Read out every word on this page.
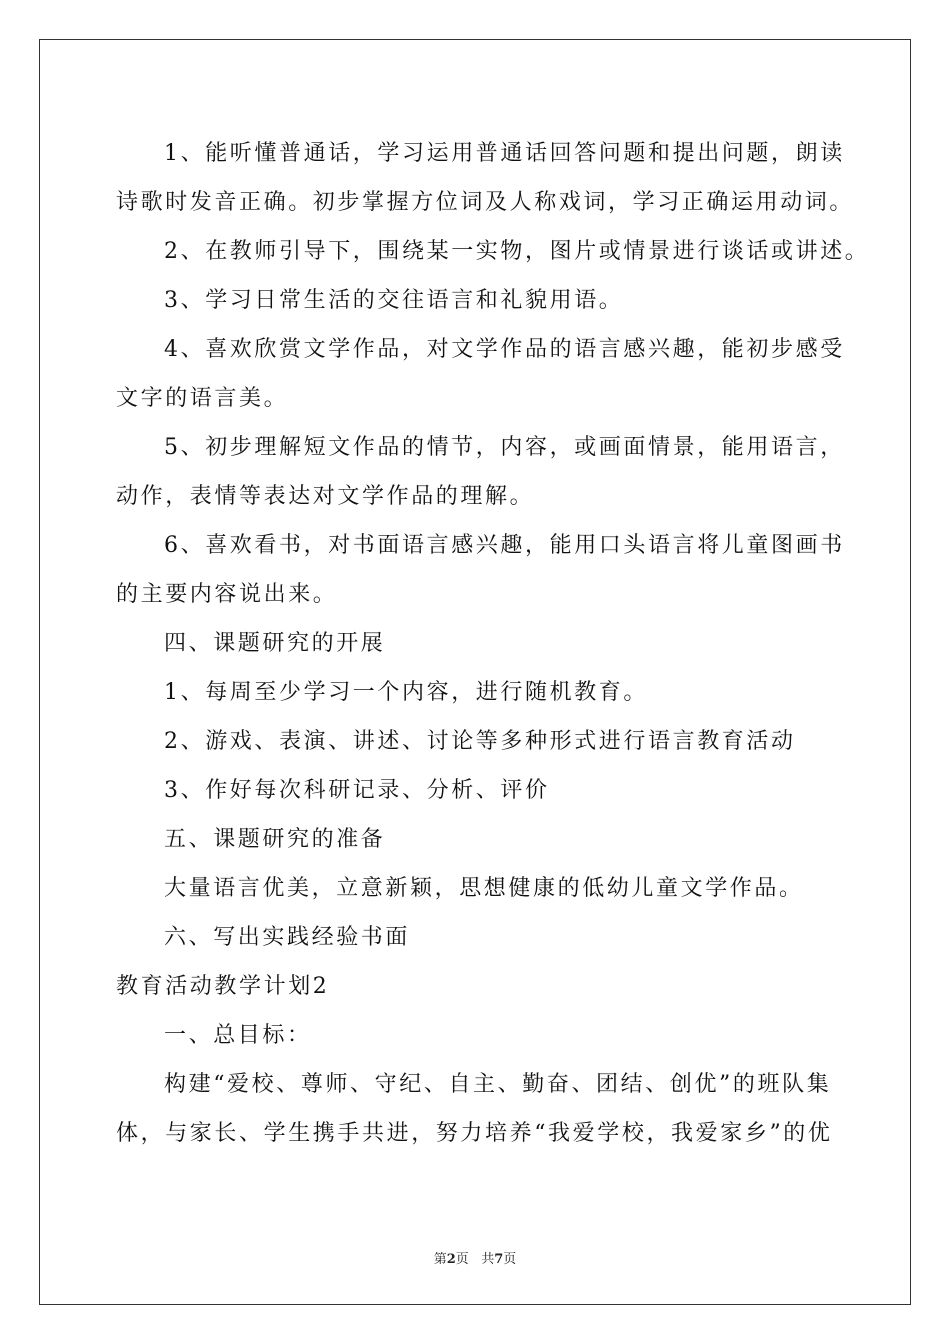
1、能听懂普通话，学习运用普通话回答问题和提出问题，朗读
诗歌时发音正确。初步掌握方位词及人称戏词，学习正确运用动词。
2、在教师引导下，围绕某一实物，图片或情景进行谈话或讲述。
3、学习日常生活的交往语言和礼貌用语。
4、喜欢欣赏文学作品，对文学作品的语言感兴趣，能初步感受
文字的语言美。
5、初步理解短文作品的情节，内容，或画面情景，能用语言，
动作，表情等表达对文学作品的理解。
6、喜欢看书，对书面语言感兴趣，能用口头语言将儿童图画书
的主要内容说出来。
四、课题研究的开展
1、每周至少学习一个内容，进行随机教育。
2、游戏、表演、讲述、讨论等多种形式进行语言教育活动
3、作好每次科研记录、分析、评价
五、课题研究的准备
大量语言优美，立意新颖，思想健康的低幼儿童文学作品。
六、写出实践经验书面
教育活动教学计划2
一、总目标：
构建“爱校、尊师、守纪、自主、勤奋、团结、创优”的班队集
体，与家长、学生携手共进，努力培养“我爱学校，我爱家乡”的优
第2页 共7页
